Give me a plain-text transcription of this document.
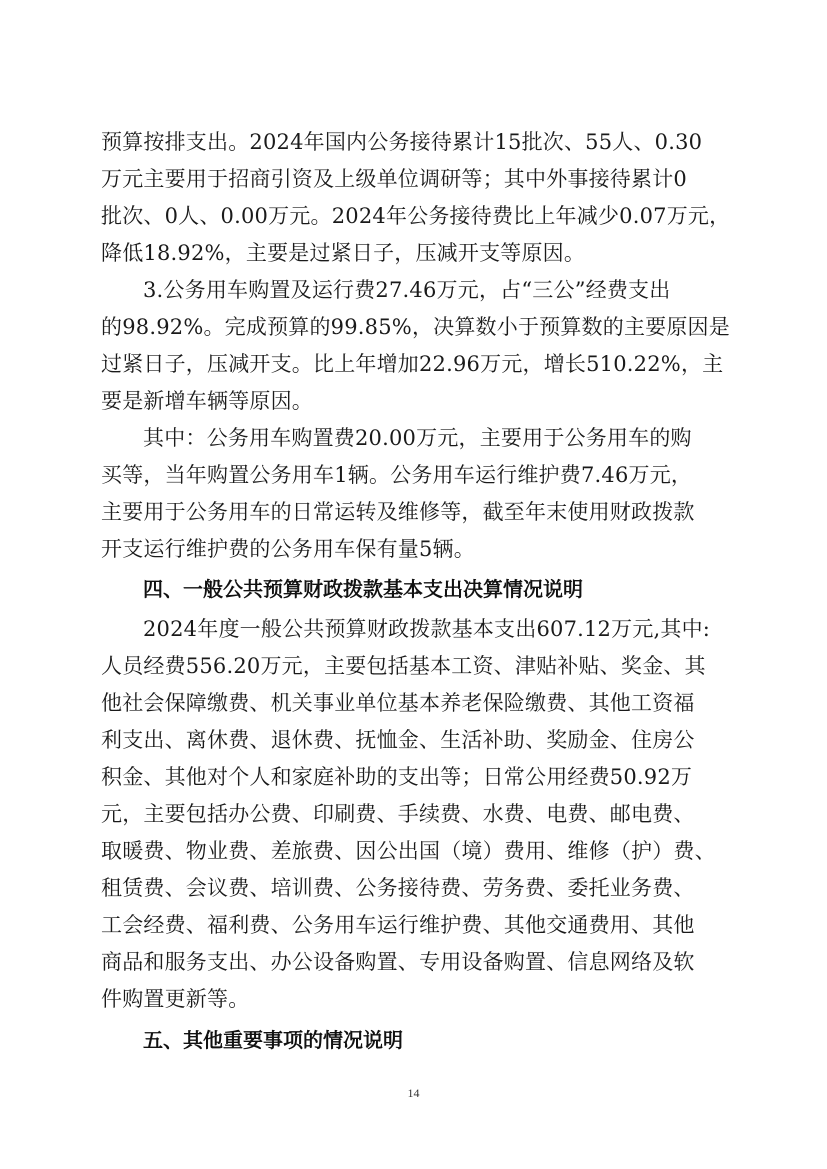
预算按排支出。2024年国内公务接待累计15批次、55人、0.30
万元主要用于招商引资及上级单位调研等；其中外事接待累计0
批次、0人、0.00万元。2024年公务接待费比上年减少0.07万元，
降低18.92%，主要是过紧日子，压减开支等原因。
3.公务用车购置及运行费27.46万元，占“三公”经费支出
的98.92%。完成预算的99.85%，决算数小于预算数的主要原因是
过紧日子，压减开支。比上年增加22.96万元，增长510.22%，主
要是新增车辆等原因。
其中：公务用车购置费20.00万元，主要用于公务用车的购
买等，当年购置公务用车1辆。公务用车运行维护费7.46万元，
主要用于公务用车的日常运转及维修等，截至年末使用财政拨款
开支运行维护费的公务用车保有量5辆。
四、一般公共预算财政拨款基本支出决算情况说明
2024年度一般公共预算财政拨款基本支出607.12万元,其中:
人员经费556.20万元，主要包括基本工资、津贴补贴、奖金、其
他社会保障缴费、机关事业单位基本养老保险缴费、其他工资福
利支出、离休费、退休费、抚恤金、生活补助、奖励金、住房公
积金、其他对个人和家庭补助的支出等；日常公用经费50.92万
元，主要包括办公费、印刷费、手续费、水费、电费、邮电费、
取暖费、物业费、差旅费、因公出国（境）费用、维修（护）费、
租赁费、会议费、培训费、公务接待费、劳务费、委托业务费、
工会经费、福利费、公务用车运行维护费、其他交通费用、其他
商品和服务支出、办公设备购置、专用设备购置、信息网络及软
件购置更新等。
五、其他重要事项的情况说明
14
